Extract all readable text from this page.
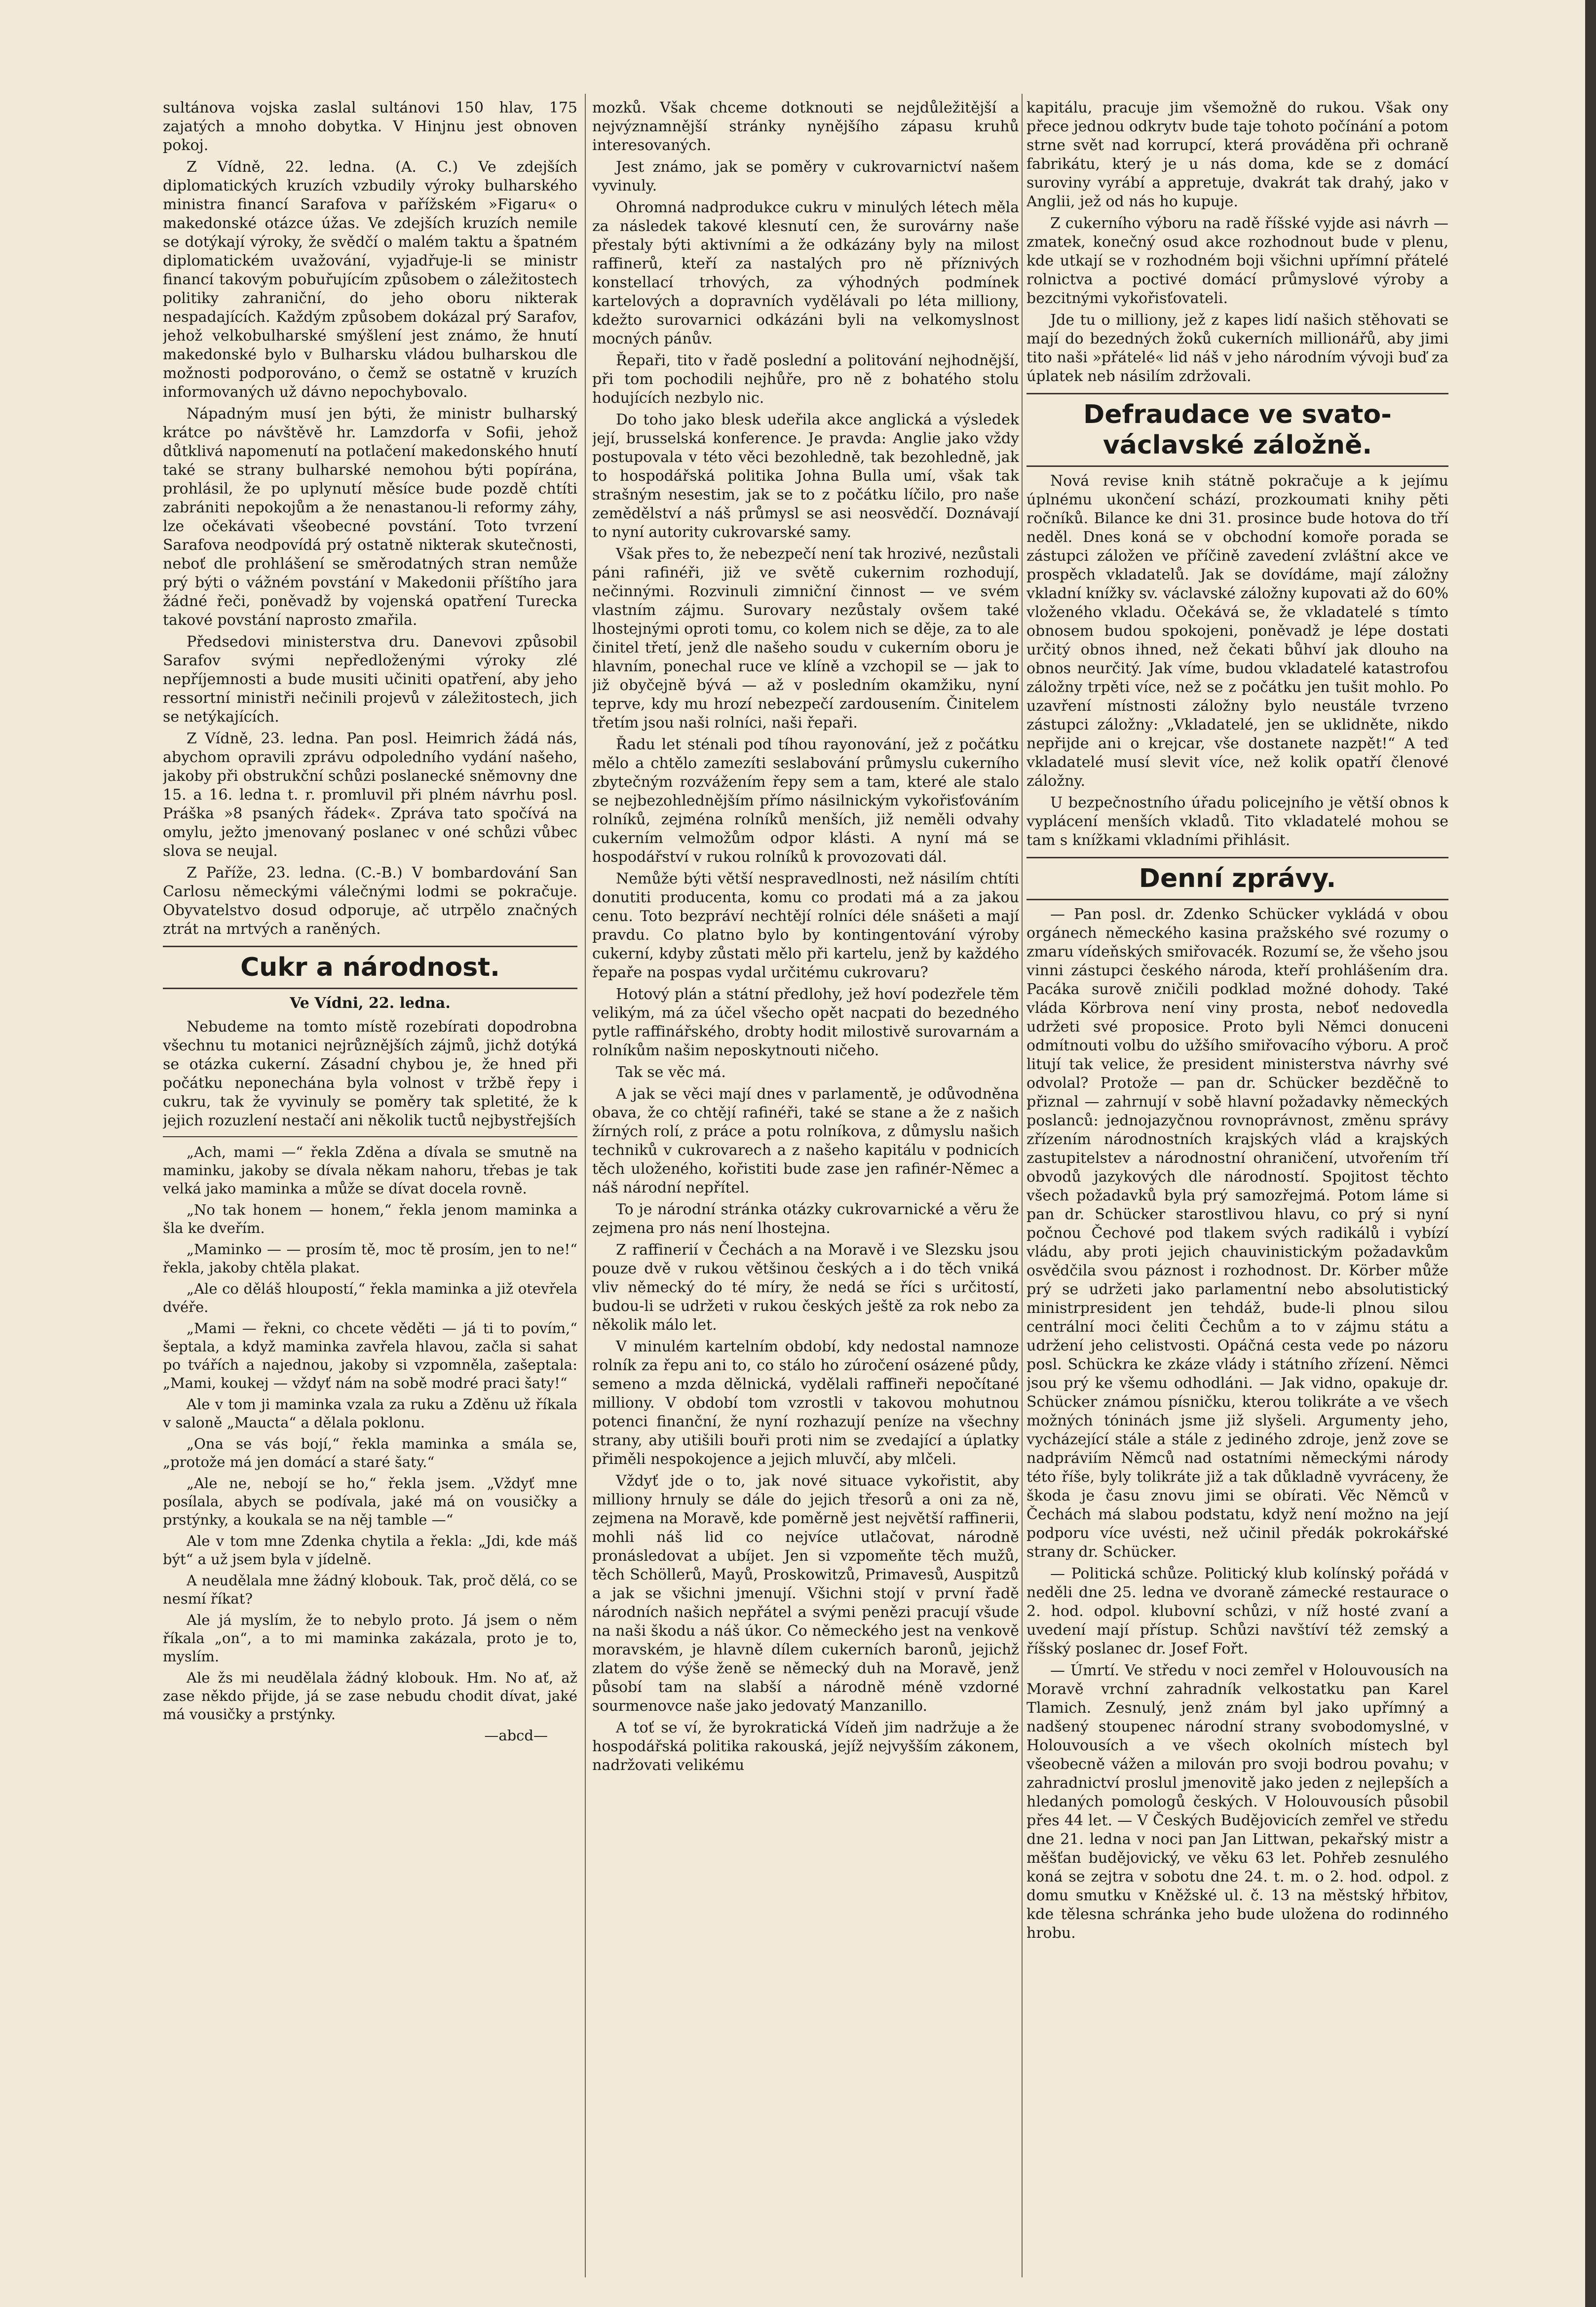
sultánova vojska zaslal sultánovi 150 hlav, 175 zajatých a mnoho dobytka. V Hinjnu jest obnoven pokoj.

Z Vídně, 22. ledna. (A. C.) Ve zdejších diplomatických kruzích vzbudily výroky bulharského ministra financí Sarafova v pařížském »Figaru« o makedonské otázce úžas. Ve zdejších kruzích nemile se dotýkají výroky, že svědčí o malém taktu a špatném diplomatickém uvažování, vyjadřuje-li se ministr financí takovým pobuřujícím způsobem o záležitostech politiky zahraniční, do jeho oboru nikterak nespadajících. Každým způsobem dokázal prý Sarafov, jehož velkobulharské smýšlení jest známo, že hnutí makedonské bylo v Bulharsku vládou bulharskou dle možnosti podporováno, o čemž se ostatně v kruzích informovaných už dávno nepochybovalo.

Nápadným musí jen býti, že ministr bulharský krátce po návštěvě hr. Lamzdorfa v Sofii, jehož důtklivá napomenutí na potlačení makedonského hnutí také se strany bulharské nemohou býti popírána, prohlásil, že po uplynutí měsíce bude pozdě chtíti zabrániti nepokojům a že nenastanou-li reformy záhy, lze očekávati všeobecné povstání. Toto tvrzení Sarafova neodpovídá prý ostatně nikterak skutečnosti, neboť dle prohlášení se směrodatných stran nemůže prý býti o vážném povstání v Makedonii příštího jara žádné řeči, poněvadž by vojenská opatření Turecka takové povstání naprosto zmařila.

Předsedovi ministerstva dru. Danevovi způsobil Sarafov svými nepředloženými výroky zlé nepříjemnosti a bude musiti učiniti opatření, aby jeho ressortní ministři nečinili projevů v záležitostech, jich se netýkajících.

Z Vídně, 23. ledna. Pan posl. Heimrich žádá nás, abychom opravili zprávu odpoledního vydání našeho, jakoby při obstrukční schůzi poslanecké sněmovny dne 15. a 16. ledna t. r. promluvil při plném návrhu posl. Práška »8 psaných řádek«. Zpráva tato spočívá na omylu, ježto jmenovaný poslanec v oné schůzi vůbec slova se neujal.

Z Paříže, 23. ledna. (C.-B.) V bombardování San Carlosu německými válečnými lodmi se pokračuje. Obyvatelstvo dosud odporuje, ač utrpělo značných ztrát na mrtvých a raněných.

Cukr a národnost.
Ve Vídni, 22. ledna.

Nebudeme na tomto místě rozebírati dopodrobna všechnu tu motanici nejrůznějších zájmů, jichž dotýká se otázka cukerní. Zásadní chybou je, že hned při počátku neponechána byla volnost v tržbě řepy i cukru, tak že vyvinuly se poměry tak spletité, že k jejich rozuzlení nestačí ani několik tuctů nejbystřejších

„Ach, mami —“ řekla Zděna a dívala se smutně na maminku, jakoby se dívala někam nahoru, třebas je tak velká jako maminka a může se dívat docela rovně.

„No tak honem — honem,“ řekla jenom maminka a šla ke dveřím.

„Maminko — — prosím tě, moc tě prosím, jen to ne!“ řekla, jakoby chtěla plakat.

„Ale co děláš hloupostí,“ řekla maminka a již otevřela dvéře.

„Mami — řekni, co chcete věděti — já ti to povím,“ šeptala, a když maminka zavřela hlavou, začla si sahat po tvářích a najednou, jakoby si vzpomněla, zašeptala: „Mami, koukej — vždyť nám na sobě modré praci šaty!“

Ale v tom ji maminka vzala za ruku a Zděnu už říkala v saloně „Maucta“ a dělala poklonu.

„Ona se vás bojí,“ řekla maminka a smála se, „protože má jen domácí a staré šaty.“

„Ale ne, nebojí se ho,“ řekla jsem. „Vždyť mne posílala, abych se podívala, jaké má on vousičky a prstýnky, a koukala se na něj tamble —“

Ale v tom mne Zdenka chytila a řekla: „Jdi, kde máš být“ a už jsem byla v jídelně.

A neudělala mne žádný klobouk. Tak, proč dělá, co se nesmí říkat?

Ale já myslím, že to nebylo proto. Já jsem o něm říkala „on“, a to mi maminka zakázala, proto je to, myslím.

Ale žs mi neudělala žádný klobouk. Hm. No ať, až zase někdo přijde, já se zase nebudu chodit dívat, jaké má vousičky a prstýnky.

—abcd—

mozků. Však chceme dotknouti se nejdůležitější a nejvýznamnější stránky nynějšího zápasu kruhů interesovaných.

Jest známo, jak se poměry v cukrovarnictví našem vyvinuly.

Ohromná nadprodukce cukru v minulých létech měla za následek takové klesnutí cen, že surovárny naše přestaly býti aktivními a že odkázány byly na milost raffinerů, kteří za nastalých pro ně příznivých konstellací trhových, za výhodných podmínek kartelových a dopravních vydělávali po léta milliony, kdežto surovarnici odkázáni byli na velkomyslnost mocných pánův.

Řepaři, tito v řadě poslední a politování nejhodnější, při tom pochodili nejhůře, pro ně z bohatého stolu hodujících nezbylo nic.

Do toho jako blesk udeřila akce anglická a výsledek její, brusselská konference. Je pravda: Anglie jako vždy postupovala v této věci bezohledně, tak bezohledně, jak to hospodářská politika Johna Bulla umí, však tak strašným nesestim, jak se to z počátku líčilo, pro naše zemědělství a náš průmysl se asi neosvědčí. Doznávají to nyní autority cukrovarské samy.

Však přes to, že nebezpečí není tak hrozivé, nezůstali páni rafinéři, již ve světě cukernim rozhodují, nečinnými. Rozvinuli zimniční činnost — ve svém vlastním zájmu. Surovary nezůstaly ovšem také lhostejnými oproti tomu, co kolem nich se děje, za to ale činitel třetí, jenž dle našeho soudu v cukerním oboru je hlavním, ponechal ruce ve klíně a vzchopil se — jak to již obyčejně bývá — až v posledním okamžiku, nyní teprve, kdy mu hrozí nebezpečí zardousením. Činitelem třetím jsou naši rolníci, naši řepaři.

Řadu let sténali pod tíhou rayonování, jež z počátku mělo a chtělo zamezíti seslabování průmyslu cukerního zbytečným rozvážením řepy sem a tam, které ale stalo se nejbezohlednějším přímo násilnickým vykořisťováním rolníků, zejména rolníků menších, již neměli odvahy cukerním velmožům odpor klásti. A nyní má se hospodářství v rukou rolníků k provozovati dál.

Nemůže býti větší nespravedlnosti, než násilím chtíti donutiti producenta, komu co prodati má a za jakou cenu. Toto bezpráví nechtějí rolníci déle snášeti a mají pravdu. Co platno bylo by kontingentování výroby cukerní, kdyby zůstati mělo při kartelu, jenž by každého řepaře na pospas vydal určitému cukrovaru?

Hotový plán a státní předlohy, jež hoví podezřele těm velikým, má za účel všecho opět nacpati do bezedného pytle raffinářského, drobty hodit milostivě surovarnám a rolníkům našim neposkytnouti ničeho.

Tak se věc má.

A jak se věci mají dnes v parlamentě, je odůvodněna obava, že co chtějí rafinéři, také se stane a že z našich žírných rolí, z práce a potu rolníkova, z důmyslu našich techniků v cukrovarech a z našeho kapitálu v podnicích těch uloženého, kořistiti bude zase jen rafinér-Němec a náš národní nepřítel.

To je národní stránka otázky cukrovarnické a věru že zejmena pro nás není lhostejna.

Z raffinerií v Čechách a na Moravě i ve Slezsku jsou pouze dvě v rukou většinou českých a i do těch vniká vliv německý do té míry, že nedá se říci s určitostí, budou-li se udržeti v rukou českých ještě za rok nebo za několik málo let.

V minulém kartelním období, kdy nedostal namnoze rolník za řepu ani to, co stálo ho zúročení osázené půdy, semeno a mzda dělnická, vydělali raffineři nepočítané milliony. V období tom vzrostli v takovou mohutnou potenci finanční, že nyní rozhazují peníze na všechny strany, aby utišili bouři proti nim se zvedající a úplatky přiměli nespokojence a jejich mluvčí, aby mlčeli.

Vždyť jde o to, jak nové situace vykořistit, aby milliony hrnuly se dále do jejich třesorů a oni za ně, zejmena na Moravě, kde poměrně jest největší raffinerii, mohli náš lid co nejvíce utlačovat, národně pronásledovat a ubíjet. Jen si vzpomeňte těch mužů, těch Schöllerů, Mayů, Proskowitzů, Primavesů, Auspitzů a jak se všichni jmenují. Všichni stojí v první řadě národních našich nepřátel a svými penězi pracují všude na naši škodu a náš úkor. Co německého jest na venkově moravském, je hlavně dílem cukerních baronů, jejichž zlatem do výše ženě se německý duh na Moravě, jenž působí tam na slabší a národně méně vzdorné sourmenovce naše jako jedovatý Manzanillo.

A toť se ví, že byrokratická Vídeň jim nadržuje a že hospodářská politika rakouská, jejíž nejvyšším zákonem, nadržovati velikému

kapitálu, pracuje jim všemožně do rukou. Však ony přece jednou odkrytv bude taje tohoto počínání a potom strne svět nad korrupcí, která prováděna při ochraně fabrikátu, který je u nás doma, kde se z domácí suroviny vyrábí a appretuje, dvakrát tak drahý, jako v Anglii, jež od nás ho kupuje.

Z cukerního výboru na radě říšské vyjde asi návrh — zmatek, konečný osud akce rozhodnout bude v plenu, kde utkají se v rozhodném boji všichni upřímní přátelé rolnictva a poctivé domácí průmyslové výroby a bezcitnými vykořisťovateli.

Jde tu o milliony, jež z kapes lidí našich stěhovati se mají do bezedných žoků cukerních millionářů, aby jimi tito naši »přátelé« lid náš v jeho národním vývoji buď za úplatek neb násilím zdržovali.

Defraudace ve svato-václavské záložně.

Nová revise knih státně pokračuje a k jejímu úplnému ukončení schází, prozkoumati knihy pěti ročníků. Bilance ke dni 31. prosince bude hotova do tří neděl. Dnes koná se v obchodní komoře porada se zástupci záložen ve příčině zavedení zvláštní akce ve prospěch vkladatelů. Jak se dovídáme, mají záložny vkladní knížky sv. václavské záložny kupovati až do 60% vloženého vkladu. Očekává se, že vkladatelé s tímto obnosem budou spokojeni, poněvadž je lépe dostati určitý obnos ihned, než čekati bůhví jak dlouho na obnos neurčitý. Jak víme, budou vkladatelé katastrofou záložny trpěti více, než se z počátku jen tušit mohlo. Po uzavření místnosti záložny bylo neustále tvrzeno zástupci záložny: „Vkladatelé, jen se uklidněte, nikdo nepřijde ani o krejcar, vše dostanete nazpět!“ A teď vkladatelé musí slevit více, než kolik opatří členové záložny.

U bezpečnostního úřadu policejního je větší obnos k vyplácení menších vkladů. Tito vkladatelé mohou se tam s knížkami vkladními přihlásit.

Denní zprávy.

— Pan posl. dr. Zdenko Schücker vykládá v obou orgánech německého kasina pražského své rozumy o zmaru vídeňských smiřovacék. Rozumí se, že všeho jsou vinni zástupci českého národa, kteří prohlášením dra. Pacáka surově zničili podklad možné dohody. Také vláda Körbrova není viny prosta, neboť nedovedla udržeti své proposice. Proto byli Němci donuceni odmítnouti volbu do užšího smiřovacího výboru. A proč litují tak velice, že president ministerstva návrhy své odvolal? Protože — pan dr. Schücker bezděčně to přiznal — zahrnují v sobě hlavní požadavky německých poslanců: jednojazyčnou rovnoprávnost, změnu správy zřízením národnostních krajských vlád a krajských zastupitelstev a národnostní ohraničení, utvořením tří obvodů jazykových dle národností. Spojitost těchto všech požadavků byla prý samozřejmá. Potom láme si pan dr. Schücker starostlivou hlavu, co prý si nyní počnou Čechové pod tlakem svých radikálů i vybízí vládu, aby proti jejich chauvinistickým požadavkům osvědčila svou páznost i rozhodnost. Dr. Körber může prý se udržeti jako parlamentní nebo absolutistický ministrpresident jen tehdáž, bude-li plnou silou centrální moci čeliti Čechům a to v zájmu státu a udržení jeho celistvosti. Opáčná cesta vede po názoru posl. Schückra ke zkáze vlády i státního zřízení. Němci jsou prý ke všemu odhodláni. — Jak vidno, opakuje dr. Schücker známou písničku, kterou tolikráte a ve všech možných tóninách jsme již slyšeli. Argumenty jeho, vycházející stále a stále z jediného zdroje, jenž zove se nadpráviím Němců nad ostatními německými národy této říše, byly tolikráte již a tak důkladně vyvráceny, že škoda je času znovu jimi se obírati. Věc Němců v Čechách má slabou podstatu, když není možno na její podporu více uvésti, než učinil předák pokrokářské strany dr. Schücker.

— Politická schůze. Politický klub kolínský pořádá v neděli dne 25. ledna ve dvoraně zámecké restaurace o 2. hod. odpol. klubovní schůzi, v níž hosté zvaní a uvedení mají přístup. Schůzi navštíví též zemský a říšský poslanec dr. Josef Fořt.

— Úmrtí. Ve středu v noci zemřel v Holouvousích na Moravě vrchní zahradník velkostatku pan Karel Tlamich. Zesnulý, jenž znám byl jako upřímný a nadšený stoupenec národní strany svobodomyslné, v Holouvousích a ve všech okolních místech byl všeobecně vážen a milován pro svoji bodrou povahu; v zahradnictví proslul jmenovitě jako jeden z nejlepších a hledaných pomologů českých. V Holouvousích působil přes 44 let. — V Českých Budějovicích zemřel ve středu dne 21. ledna v noci pan Jan Littwan, pekařský mistr a měšťan budějovický, ve věku 63 let. Pohřeb zesnulého koná se zejtra v sobotu dne 24. t. m. o 2. hod. odpol. z domu smutku v Kněžské ul. č. 13 na městský hřbitov, kde tělesna schránka jeho bude uložena do rodinného hrobu.
